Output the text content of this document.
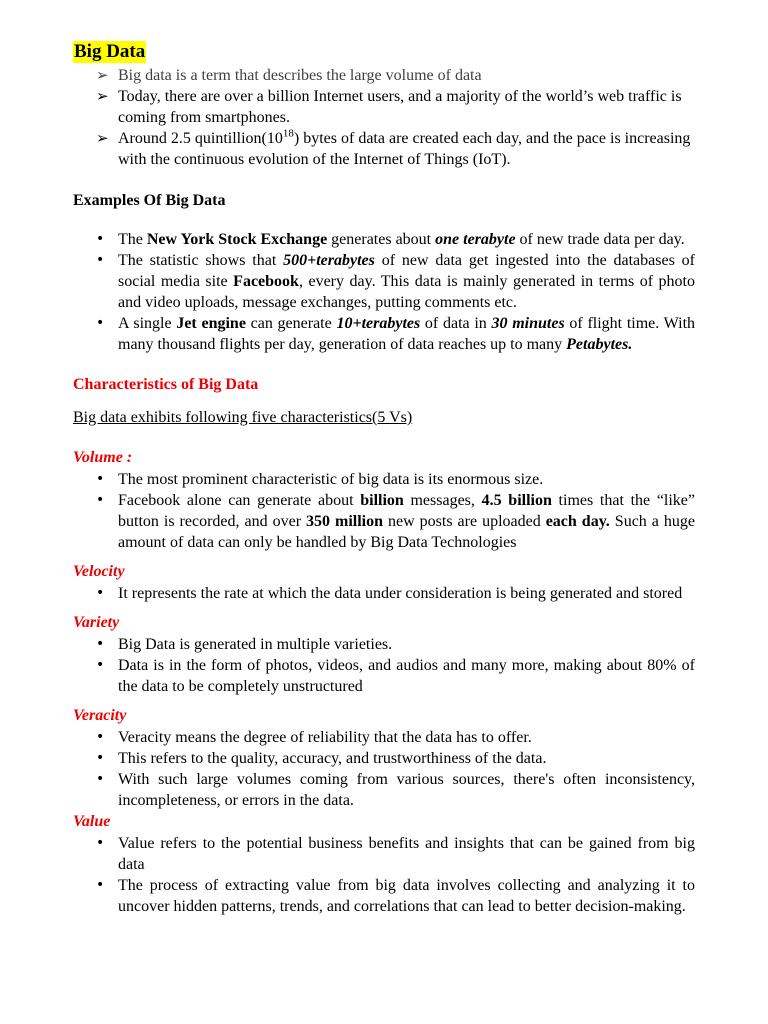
Big Data
➢ Big data is a term that describes the large volume of data
➢ Today, there are over a billion Internet users, and a majority of the world’s web traffic is coming from smartphones.
➢ Around 2.5 $quintillion(10^{18})$ bytes of data are created each day, and the pace is increasing with the continuous evolution of the Internet of Things (IoT).

Examples Of Big Data

• The New York Stock Exchange generates about one terabyte of new trade data per day.
• The statistic shows that 500+terabytes of new data get ingested into the databases of social media site Facebook, every day. This data is mainly generated in terms of photo and video uploads, message exchanges, putting comments etc.
• A single Jet engine can generate 10+terabytes of data in 30 minutes of flight time. With many thousand flights per day, generation of data reaches up to many Petabytes.

Characteristics of Big Data

Big data exhibits following five characteristics(5 Vs)

Volume :

• The most prominent characteristic of big data is its enormous size.
• Facebook alone can generate about billion messages, 4.5 billion times that the “like” button is recorded, and over 350 million new posts are uploaded each day. Such a huge amount of data can only be handled by Big Data Technologies

Velocity

• It represents the rate at which the data under consideration is being generated and stored

Variety

• Big Data is generated in multiple varieties.
• Data is in the form of photos, videos, and audios and many more, making about 80% of the data to be completely unstructured

Veracity

• Veracity means the degree of reliability that the data has to offer.
• This refers to the quality, accuracy, and trustworthiness of the data.
• With such large volumes coming from various sources, there's often inconsistency, incompleteness, or errors in the data.

Value

• Value refers to the potential business benefits and insights that can be gained from big data
• The process of extracting value from big data involves collecting and analyzing it to uncover hidden patterns, trends, and correlations that can lead to better decision-making.
